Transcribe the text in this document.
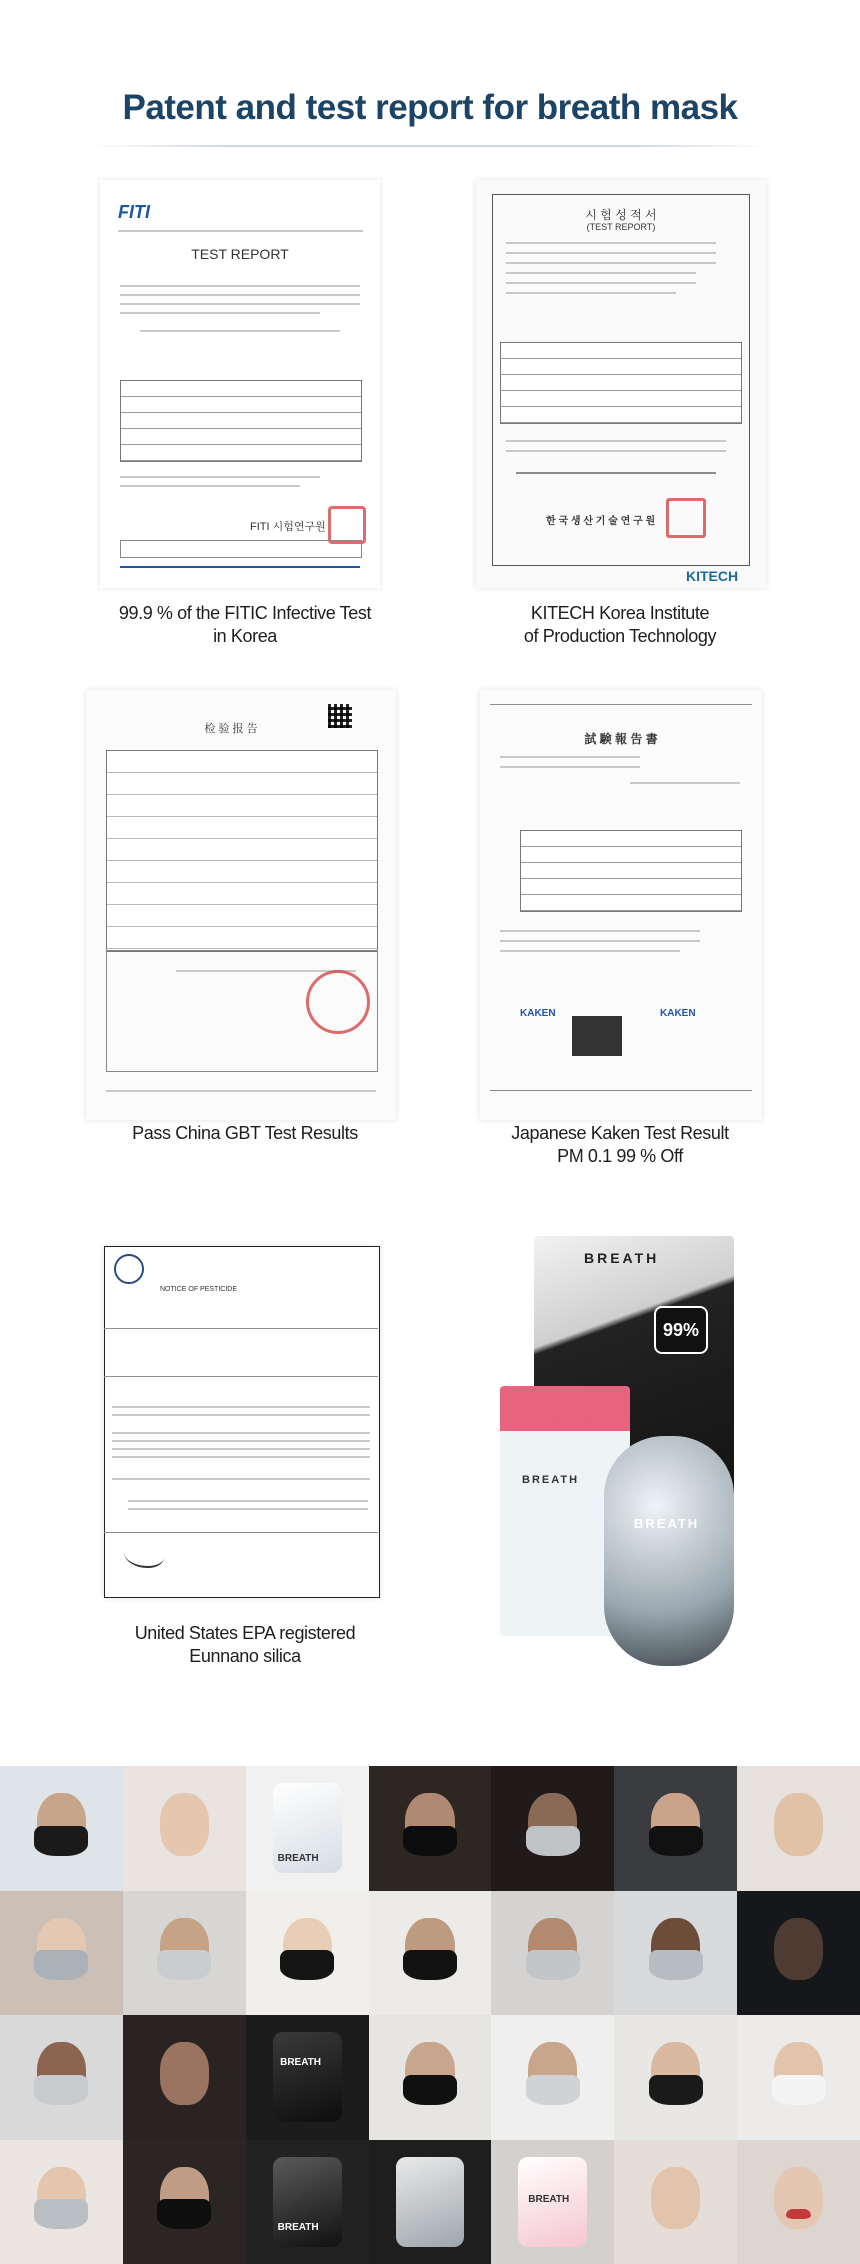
Patent and test report for breath mask
FITI
TEST REPORT
FITI 시험연구원
99.9 % of the FITIC Infective Test
in Korea
시 험 성 적 서
(TEST REPORT)
한 국 생 산 기 술 연 구 원
KITECH
KITECH Korea Institute
of Production Technology
检 验 报 告
Pass China GBT Test Results
試 験 報 告 書
KAKEN	KAKEN
Japanese Kaken Test Result
PM 0.1 99 % Off
NOTICE OF PESTICIDE
United States EPA registered
Eunnano silica
BREATH
99%
99%
BREATH
BREATH
BREATH
BREATH
BREATH
BREATH
